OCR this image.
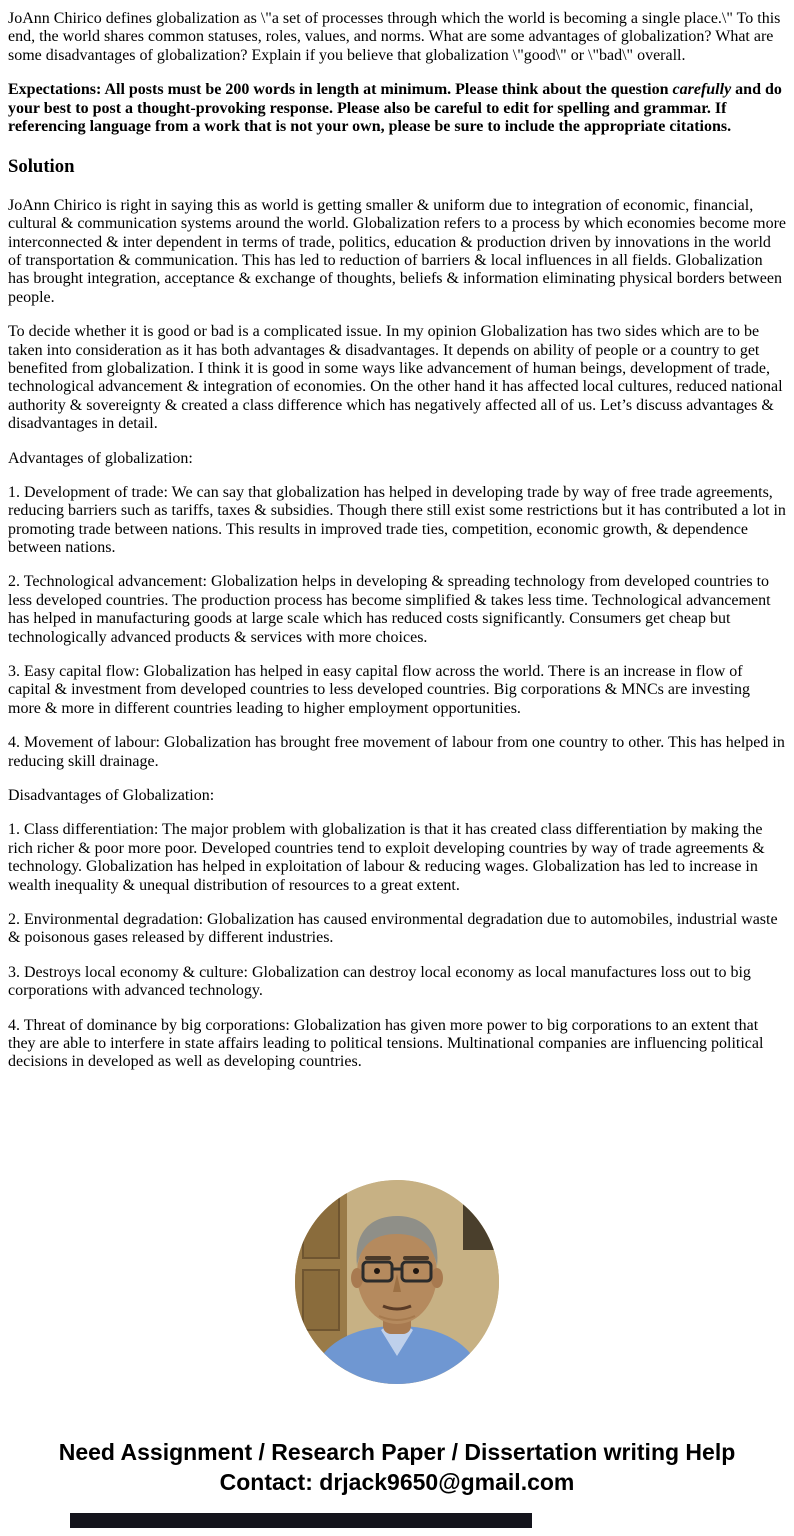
JoAnn Chirico defines globalization as \"a set of processes through which the world is becoming a single place.\" To this end, the world shares common statuses, roles, values, and norms. What are some advantages of globalization? What are some disadvantages of globalization? Explain if you believe that globalization \"good\" or \"bad\" overall.

Expectations: All posts must be 200 words in length at minimum. Please think about the question carefully and do your best to post a thought-provoking response. Please also be careful to edit for spelling and grammar. If referencing language from a work that is not your own, please be sure to include the appropriate citations.

Solution

JoAnn Chirico is right in saying this as world is getting smaller & uniform due to integration of economic, financial, cultural & communication systems around the world. Globalization refers to a process by which economies become more interconnected & inter dependent in terms of trade, politics, education & production driven by innovations in the world of transportation & communication. This has led to reduction of barriers & local influences in all fields. Globalization has brought integration, acceptance & exchange of thoughts, beliefs & information eliminating physical borders between people.

To decide whether it is good or bad is a complicated issue. In my opinion Globalization has two sides which are to be taken into consideration as it has both advantages & disadvantages. It depends on ability of people or a country to get benefited from globalization. I think it is good in some ways like advancement of human beings, development of trade, technological advancement & integration of economies. On the other hand it has affected local cultures, reduced national authority & sovereignty & created a class difference which has negatively affected all of us. Let’s discuss advantages & disadvantages in detail.

Advantages of globalization:

1. Development of trade: We can say that globalization has helped in developing trade by way of free trade agreements, reducing barriers such as tariffs, taxes & subsidies. Though there still exist some restrictions but it has contributed a lot in promoting trade between nations. This results in improved trade ties, competition, economic growth, & dependence between nations.

2. Technological advancement: Globalization helps in developing & spreading technology from developed countries to less developed countries. The production process has become simplified & takes less time. Technological advancement has helped in manufacturing goods at large scale which has reduced costs significantly. Consumers get cheap but technologically advanced products & services with more choices.

3. Easy capital flow: Globalization has helped in easy capital flow across the world. There is an increase in flow of capital & investment from developed countries to less developed countries. Big corporations & MNCs are investing more & more in different countries leading to higher employment opportunities.

4. Movement of labour: Globalization has brought free movement of labour from one country to other. This has helped in reducing skill drainage.

Disadvantages of Globalization:

1. Class differentiation: The major problem with globalization is that it has created class differentiation by making the rich richer & poor more poor. Developed countries tend to exploit developing countries by way of trade agreements & technology. Globalization has helped in exploitation of labour & reducing wages. Globalization has led to increase in wealth inequality & unequal distribution of resources to a great extent.

2. Environmental degradation: Globalization has caused environmental degradation due to automobiles, industrial waste & poisonous gases released by different industries.

3. Destroys local economy & culture: Globalization can destroy local economy as local manufactures loss out to big corporations with advanced technology.

4. Threat of dominance by big corporations: Globalization has given more power to big corporations to an extent that they are able to interfere in state affairs leading to political tensions. Multinational companies are influencing political decisions in developed as well as developing countries.

Need Assignment / Research Paper / Dissertation writing Help
Contact: drjack9650@gmail.com
